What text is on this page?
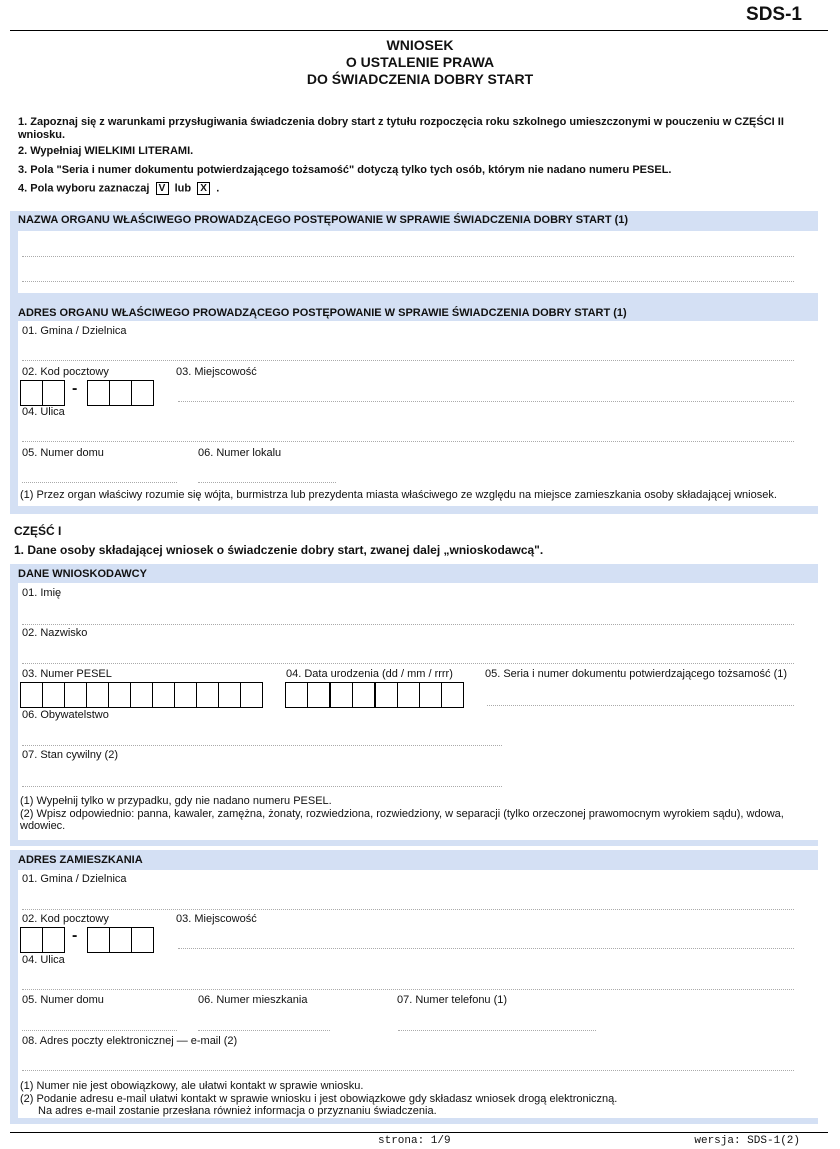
SDS-1
WNIOSEK
O USTALENIE PRAWA
DO ŚWIADCZENIA DOBRY START
1. Zapoznaj się z warunkami przysługiwania świadczenia dobry start z tytułu rozpoczęcia roku szkolnego umieszczonymi w pouczeniu w CZĘŚCI II wniosku.
2. Wypełniaj WIELKIMI LITERAMI.
3. Pola "Seria i numer dokumentu potwierdzającego tożsamość" dotyczą tylko tych osób, którym nie nadano numeru PESEL.
4. Pola wyboru zaznaczaj V lub X .
NAZWA ORGANU WŁAŚCIWEGO PROWADZĄCEGO POSTĘPOWANIE W SPRAWIE ŚWIADCZENIA DOBRY START (1)
ADRES ORGANU WŁAŚCIWEGO PROWADZĄCEGO POSTĘPOWANIE W SPRAWIE ŚWIADCZENIA DOBRY START (1)
01. Gmina / Dzielnica
02. Kod pocztowy
-
03. Miejscowość
04. Ulica
05. Numer domu	06. Numer lokalu
(1) Przez organ właściwy rozumie się wójta, burmistrza lub prezydenta miasta właściwego ze względu na miejsce zamieszkania osoby składającej wniosek.
CZĘŚĆ I
1. Dane osoby składającej wniosek o świadczenie dobry start, zwanej dalej „wnioskodawcą".
DANE WNIOSKODAWCY
01. Imię
02. Nazwisko
03. Numer PESEL	04. Data urodzenia (dd / mm / rrrr)	05. Seria i numer dokumentu potwierdzającego tożsamość (1)
06. Obywatelstwo
07. Stan cywilny (2)
(1) Wypełnij tylko w przypadku, gdy nie nadano numeru PESEL.
(2) Wpisz odpowiednio: panna, kawaler, zamężna, żonaty, rozwiedziona, rozwiedziony, w separacji (tylko orzeczonej prawomocnym wyrokiem sądu), wdowa, wdowiec.
ADRES ZAMIESZKANIA
01. Gmina / Dzielnica
02. Kod pocztowy
-
03. Miejscowość
04. Ulica
05. Numer domu	06. Numer mieszkania	07. Numer telefonu (1)
08. Adres poczty elektronicznej — e-mail (2)
(1) Numer nie jest obowiązkowy, ale ułatwi kontakt w sprawie wniosku.
(2) Podanie adresu e-mail ułatwi kontakt w sprawie wniosku i jest obowiązkowe gdy składasz wniosek drogą elektroniczną.
Na adres e-mail zostanie przesłana również informacja o przyznaniu świadczenia.
strona: 1/9	wersja: SDS-1(2)
